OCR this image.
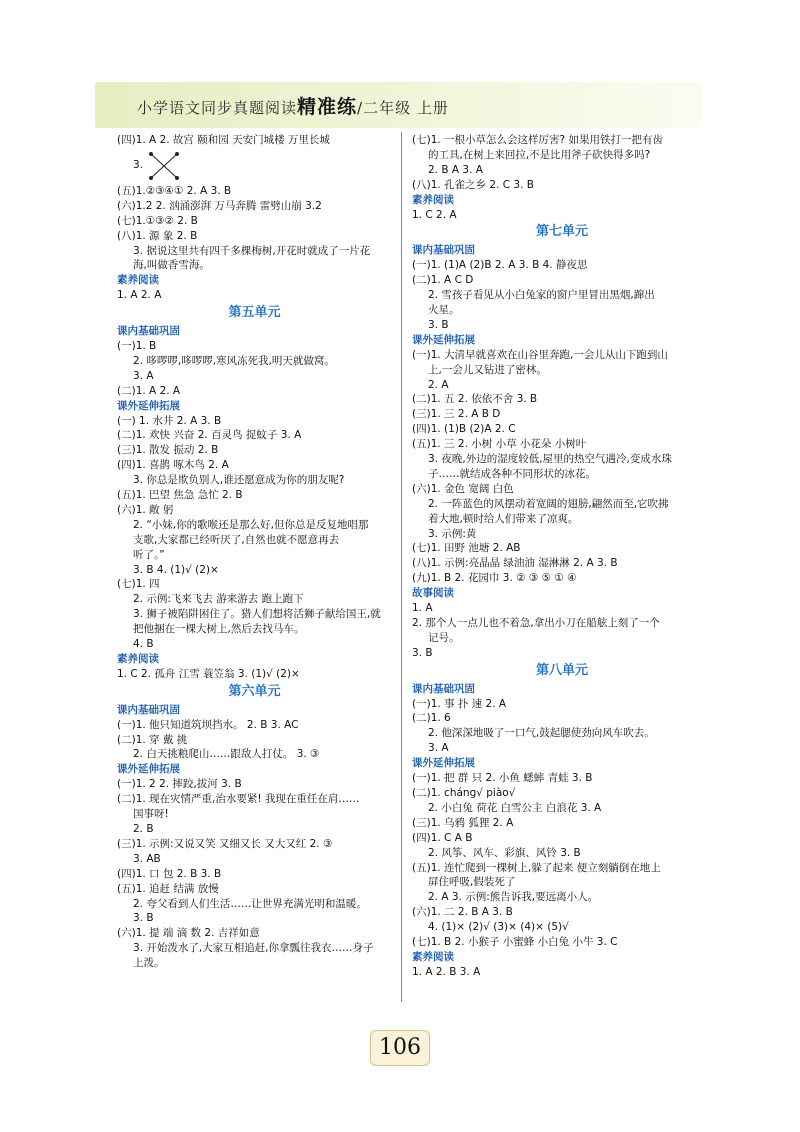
小学语文同步真题阅读精准练/二年级 上册
(四)1. A 2. 故宫 颐和园 天安门城楼 万里长城
3.
(五)1.②③④① 2. A 3. B
(六)1.2 2. 汹涌澎湃 万马奔腾 雷劈山崩 3.2
(七)1.①③② 2. B
(八)1. 源 象 2. B
3. 据说这里共有四千多棵梅树,开花时就成了一片花
海,叫做香雪海。
素养阅读
1. A 2. A
第五单元
课内基础巩固
(一)1. B
2. 哆啰啰,哆啰啰,寒风冻死我,明天就做窝。
3. A
(二)1. A 2. A
课外延伸拓展
(一) 1. 水井 2. A 3. B
(二)1. 欢快 兴奋 2. 百灵鸟 捉蚊子 3. A
(三)1. 散发 振动 2. B
(四)1. 喜鹊 啄木鸟 2. A
3. 你总是欺负别人,谁还愿意成为你的朋友呢?
(五)1. 巴望 焦急 急忙 2. B
(六)1. 敞 躬
2. “小妹,你的歌喉还是那么好,但你总是反复地唱那
支歌,大家都已经听厌了,自然也就不愿意再去
听了。”
3. B 4. (1)√ (2)×
(七)1. 四
2. 示例:飞来飞去 游来游去 跑上跑下
3. 狮子被陷阱困住了。猎人们想将活狮子献给国王,就
把他捆在一棵大树上,然后去找马车。
4. B
素养阅读
1. C 2. 孤舟 江雪 蓑笠翁 3. (1)√ (2)×
第六单元
课内基础巩固
(一)1. 他只知道筑坝挡水。 2. B 3. AC
(二)1. 穿 戴 挑
2. 白天挑粮爬山……跟敌人打仗。 3. ③
课外延伸拓展
(一)1. 2 2. 摔跤,拔河 3. B
(二)1. 现在灾情严重,治水要紧! 我现在重任在肩……
国事呀!
2. B
(三)1. 示例:又说又笑 又细又长 又大又红 2. ③
3. AB
(四)1. 口 包 2. B 3. B
(五)1. 追赶 结满 放慢
2. 夸父看到人们生活……让世界充满光明和温暖。
3. B
(六)1. 提 端 滴 数 2. 吉祥如意
3. 开始泼水了,大家互相追赶,你拿瓢往我衣……身子
上泼。
(七)1. 一根小草怎么会这样厉害? 如果用铁打一把有齿
的工具,在树上来回拉,不是比用斧子砍快得多吗?
2. B A 3. A
(八)1. 孔雀之乡 2. C 3. B
素养阅读
1. C 2. A
第七单元
课内基础巩固
(一)1. (1)A (2)B 2. A 3. B 4. 静夜思
(二)1. A C D
2. 雪孩子看见从小白兔家的窗户里冒出黑烟,蹿出
火星。
3. B
课外延伸拓展
(一)1. 大清早就喜欢在山谷里奔跑,一会儿从山下跑到山
上,一会儿又钻进了密林。
2. A
(二)1. 五 2. 依依不舍 3. B
(三)1. 三 2. A B D
(四)1. (1)B (2)A 2. C
(五)1. 三 2. 小树 小草 小花朵 小树叶
3. 夜晚,外边的湿度较低,屋里的热空气遇冷,变成水珠
子……就结成各种不同形状的冰花。
(六)1. 金色 宽阔 白色
2. 一阵蓝色的风摆动着宽阔的翅膀,翩然而至,它吹拂
着大地,顿时给人们带来了凉爽。
3. 示例:黄
(七)1. 田野 池塘 2. AB
(八)1. 示例:亮晶晶 绿油油 湿淋淋 2. A 3. B
(九)1. B 2. 花园巾 3. ② ③ ⑤ ① ④
故事阅读
1. A
2. 那个人一点儿也不着急,拿出小刀在船舷上刻了一个
记号。
3. B
第八单元
课内基础巩固
(一)1. 事 扑 速 2. A
(二)1. 6
2. 他深深地吸了一口气,鼓起腮使劲向风车吹去。
3. A
课外延伸拓展
(一)1. 把 群 只 2. 小鱼 蟋蟀 青蛙 3. B
(二)1. chánɡ√ piào√
2. 小白兔 荷花 白雪公主 白浪花 3. A
(三)1. 乌鸦 狐狸 2. A
(四)1. C A B
2. 风筝、风车、彩旗、风铃 3. B
(五)1. 连忙爬到一棵树上,躲了起来 便立刻躺倒在地上
屏住呼吸,假装死了
2. A 3. 示例:熊告诉我,要远离小人。
(六)1. 二 2. B A 3. B
4. (1)× (2)√ (3)× (4)× (5)√
(七)1. B 2. 小猴子 小蜜蜂 小白兔 小牛 3. C
素养阅读
1. A 2. B 3. A
106
